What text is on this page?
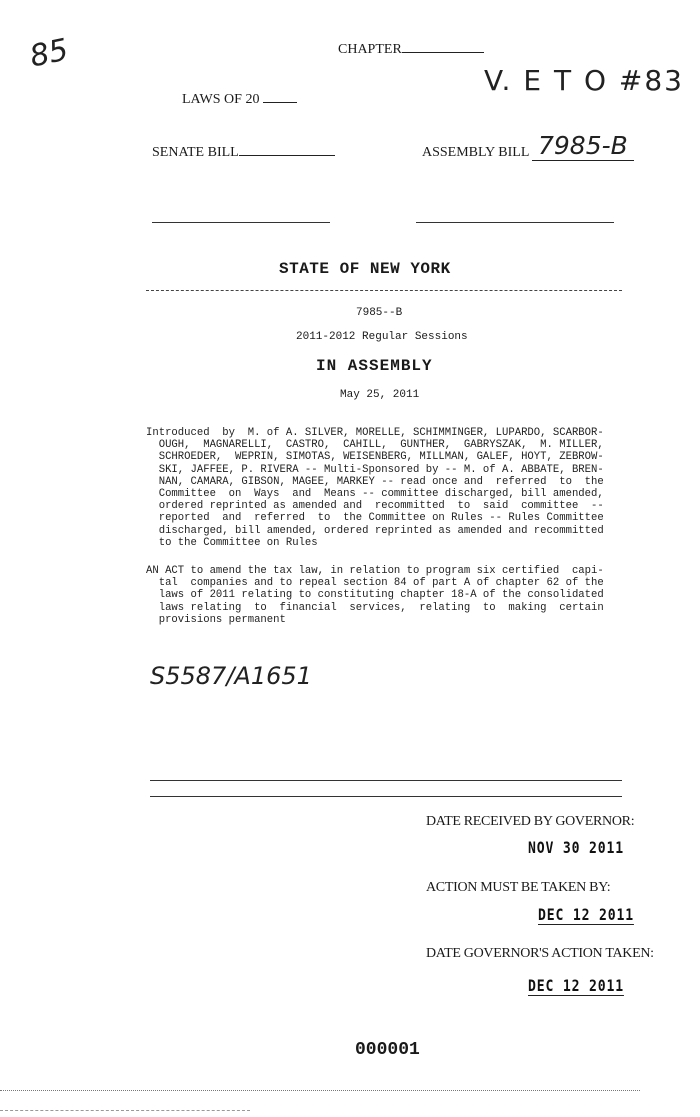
85	CHAPTER
V. E T O #83
LAWS OF 20
SENATE BILL	ASSEMBLY BILL 7985-B
STATE OF NEW YORK
7985--B
2011-2012 Regular Sessions
IN ASSEMBLY
May 25, 2011
Introduced  by  M. of A. SILVER, MORELLE, SCHIMMINGER, LUPARDO, SCARBOR-
OUGH,  MAGNARELLI,  CASTRO,  CAHILL,  GUNTHER,  GABRYSZAK,  M. MILLER,
SCHROEDER,  WEPRIN, SIMOTAS, WEISENBERG, MILLMAN, GALEF, HOYT, ZEBROW-
SKI, JAFFEE, P. RIVERA -- Multi-Sponsored by -- M. of A. ABBATE, BREN-
NAN, CAMARA, GIBSON, MAGEE, MARKEY -- read once and  referred  to  the
Committee  on  Ways  and  Means -- committee discharged, bill amended,
ordered reprinted as amended and  recommitted  to  said  committee  --
reported  and  referred  to  the Committee on Rules -- Rules Committee
discharged, bill amended, ordered reprinted as amended and recommitted
to the Committee on Rules
AN ACT to amend the tax law, in relation to program six certified  capi-
tal  companies and to repeal section 84 of part A of chapter 62 of the
laws of 2011 relating to constituting chapter 18-A of the consolidated
laws relating  to  financial  services,  relating  to  making  certain
provisions permanent
S5587/A1651
DATE RECEIVED BY GOVERNOR:
NOV 30 2011
ACTION MUST BE TAKEN BY:
DEC 12 2011
DATE GOVERNOR'S ACTION TAKEN:
DEC 12 2011
000001
